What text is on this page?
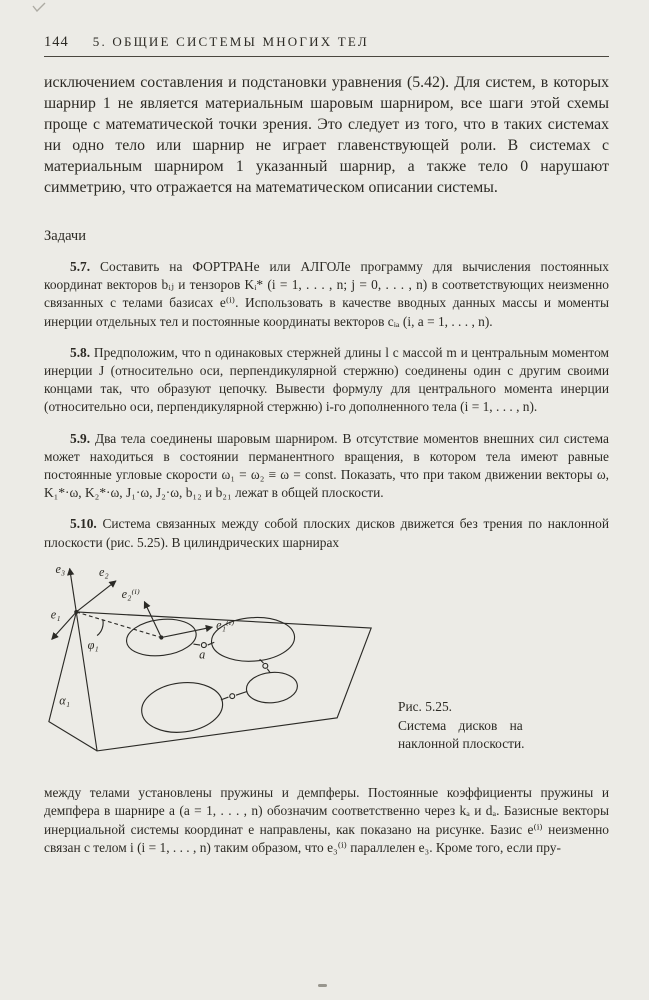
144 5. ОБЩИЕ СИСТЕМЫ МНОГИХ ТЕЛ

исключением составления и подстановки уравнения (5.42). Для систем, в которых шарнир 1 не является материальным шаровым шарниром, все шаги этой схемы проще с математической точки зрения. Это следует из того, что в таких системах ни одно тело или шарнир не играет главенствующей роли. В системах с материальным шарниром 1 указанный шарнир, а также тело 0 нарушают симметрию, что отражается на математическом описании системы.

Задачи

5.7. Составить на ФОРТРАНе или АЛГОЛе программу для вычисления постоянных координат векторов bᵢⱼ и тензоров Kᵢ* (i = 1, . . . , n; j = 0, . . . , n) в соответствующих неизменно связанных с телами базисах e⁽ⁱ⁾. Использовать в качестве вводных данных массы и моменты инерции отдельных тел и постоянные координаты векторов cᵢₐ (i, a = 1, . . . , n).

5.8. Предположим, что n одинаковых стержней длины l с массой m и центральным моментом инерции J (относительно оси, перпендикулярной стержню) соединены один с другим своими концами так, что образуют цепочку. Вывести формулу для центрального момента инерции (относительно оси, перпендикулярной стержню) i-го дополненного тела (i = 1, . . . , n).

5.9. Два тела соединены шаровым шарниром. В отсутствие моментов внешних сил система может находиться в состоянии перманентного вращения, в котором тела имеют равные постоянные угловые скорости ω₁ = ω₂ ≡ ω = const. Показать, что при таком движении векторы ω, K₁*·ω, K₂*·ω, J₁·ω, J₂·ω, b₁₂ и b₂₁ лежат в общей плоскости.

5.10. Система связанных между собой плоских дисков движется без трения по наклонной плоскости (рис. 5.25). В цилиндрических шарнирах

e₃	e₂
e₁
φ₁
α₁
e₂⁽ⁱ⁾
e₁⁽ⁱ⁾
a
Рис. 5.25.
Система дисков на
наклонной плоскости.

между телами установлены пружины и демпферы. Постоянные коэффициенты пружины и демпфера в шарнире a (a = 1, . . . , n) обозначим соответственно через kₐ и dₐ. Базисные векторы инерциальной системы координат e направлены, как показано на рисунке. Базис e⁽ⁱ⁾ неизменно связан с телом i (i = 1, . . . , n) таким образом, что e₃⁽ⁱ⁾ параллелен e₃. Кроме того, если пру-
